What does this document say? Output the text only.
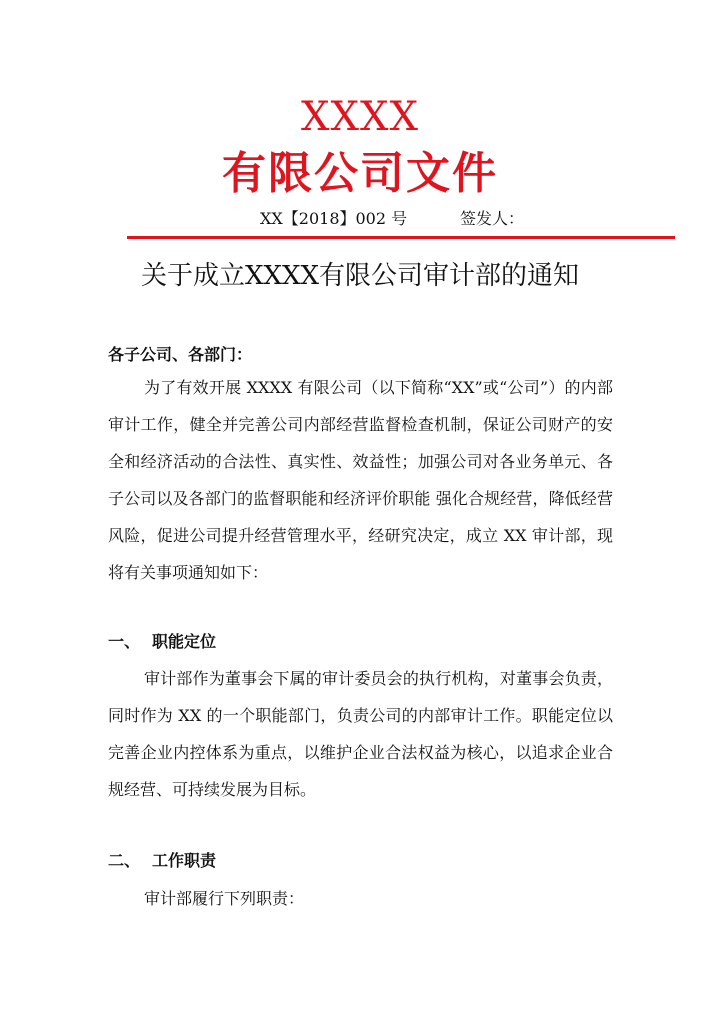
XXXX
有限公司文件
XX【2018】002 号	签发人：
关于成立XXXX有限公司审计部的通知
各子公司、各部门：
为了有效开展 XXXX 有限公司（以下简称“XX”或“公司”）的内部审计工作，健全并完善公司内部经营监督检查机制，保证公司财产的安全和经济活动的合法性、真实性、效益性；加强公司对各业务单元、各子公司以及各部门的监督职能和经济评价职能 强化合规经营，降低经营风险，促进公司提升经营管理水平，经研究决定，成立 XX 审计部，现将有关事项通知如下：
一、 职能定位
审计部作为董事会下属的审计委员会的执行机构，对董事会负责，同时作为 XX 的一个职能部门，负责公司的内部审计工作。职能定位以完善企业内控体系为重点，以维护企业合法权益为核心，以追求企业合规经营、可持续发展为目标。
二、 工作职责
审计部履行下列职责：
